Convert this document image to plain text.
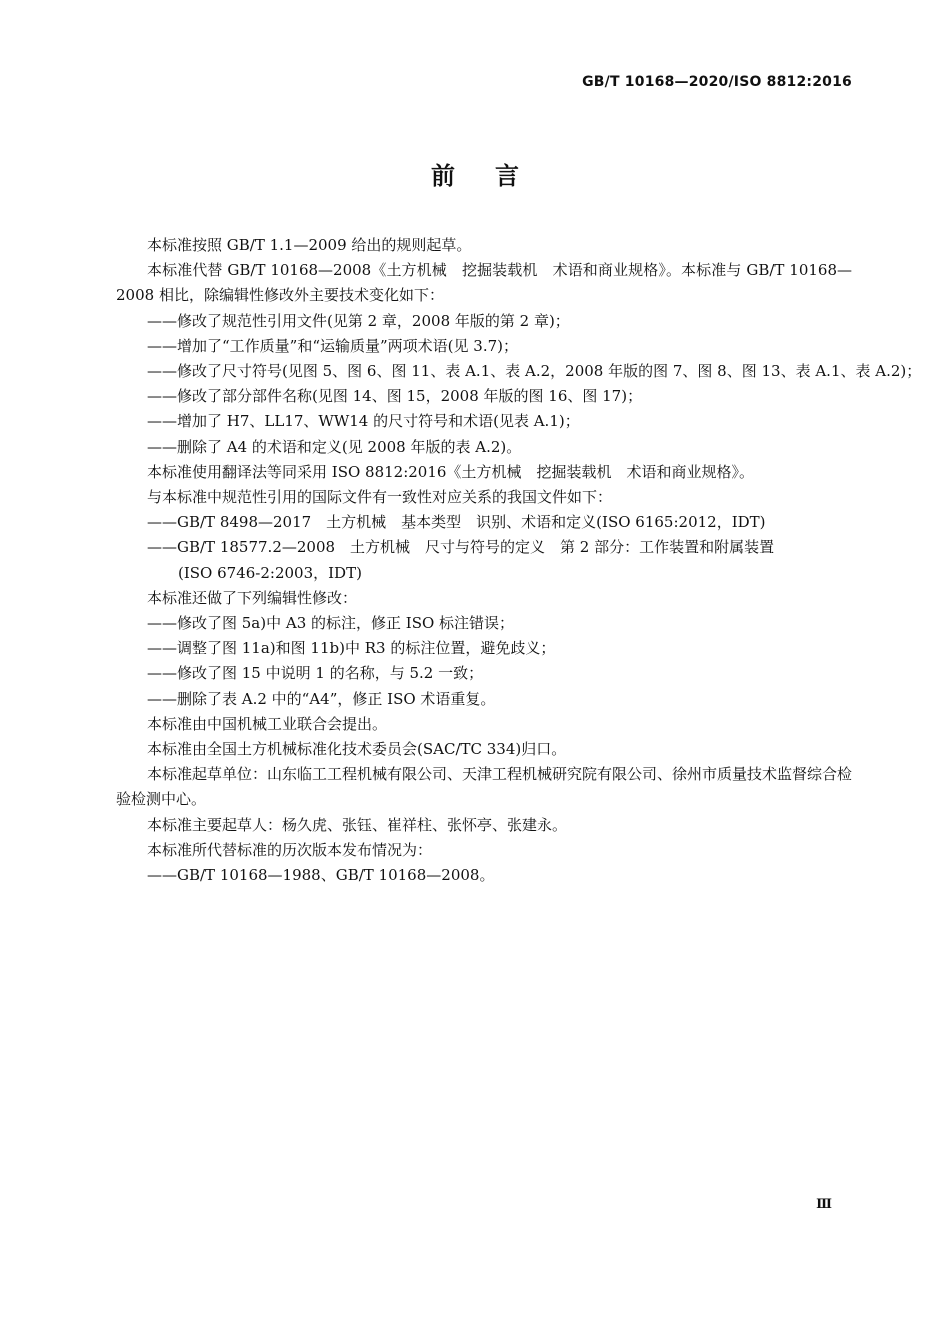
GB/T 10168—2020/ISO 8812:2016
前言

本标准按照 GB/T 1.1—2009 给出的规则起草。

本标准代替 GB/T 10168—2008《土方机械　挖掘装载机　术语和商业规格》。本标准与 GB/T 10168—2008 相比，除编辑性修改外主要技术变化如下：

——修改了规范性引用文件(见第 2 章，2008 年版的第 2 章)；

——增加了“工作质量”和“运输质量”两项术语(见 3.7)；

——修改了尺寸符号(见图 5、图 6、图 11、表 A.1、表 A.2，2008 年版的图 7、图 8、图 13、表 A.1、表 A.2)；

——修改了部分部件名称(见图 14、图 15，2008 年版的图 16、图 17)；

——增加了 H7、LL17、WW14 的尺寸符号和术语(见表 A.1)；

——删除了 A4 的术语和定义(见 2008 年版的表 A.2)。

本标准使用翻译法等同采用 ISO 8812:2016《土方机械　挖掘装载机　术语和商业规格》。

与本标准中规范性引用的国际文件有一致性对应关系的我国文件如下：

——GB/T 8498—2017　土方机械　基本类型　识别、术语和定义(ISO 6165:2012，IDT)

——GB/T 18577.2—2008　土方机械　尺寸与符号的定义　第 2 部分：工作装置和附属装置

(ISO 6746-2:2003，IDT)

本标准还做了下列编辑性修改：

——修改了图 5a)中 A3 的标注，修正 ISO 标注错误；

——调整了图 11a)和图 11b)中 R3 的标注位置，避免歧义；

——修改了图 15 中说明 1 的名称，与 5.2 一致；

——删除了表 A.2 中的“A4”，修正 ISO 术语重复。

本标准由中国机械工业联合会提出。

本标准由全国土方机械标准化技术委员会(SAC/TC 334)归口。

本标准起草单位：山东临工工程机械有限公司、天津工程机械研究院有限公司、徐州市质量技术监督综合检验检测中心。

本标准主要起草人：杨久虎、张钰、崔祥柱、张怀亭、张建永。

本标准所代替标准的历次版本发布情况为：

——GB/T 10168—1988、GB/T 10168—2008。

Ⅲ
